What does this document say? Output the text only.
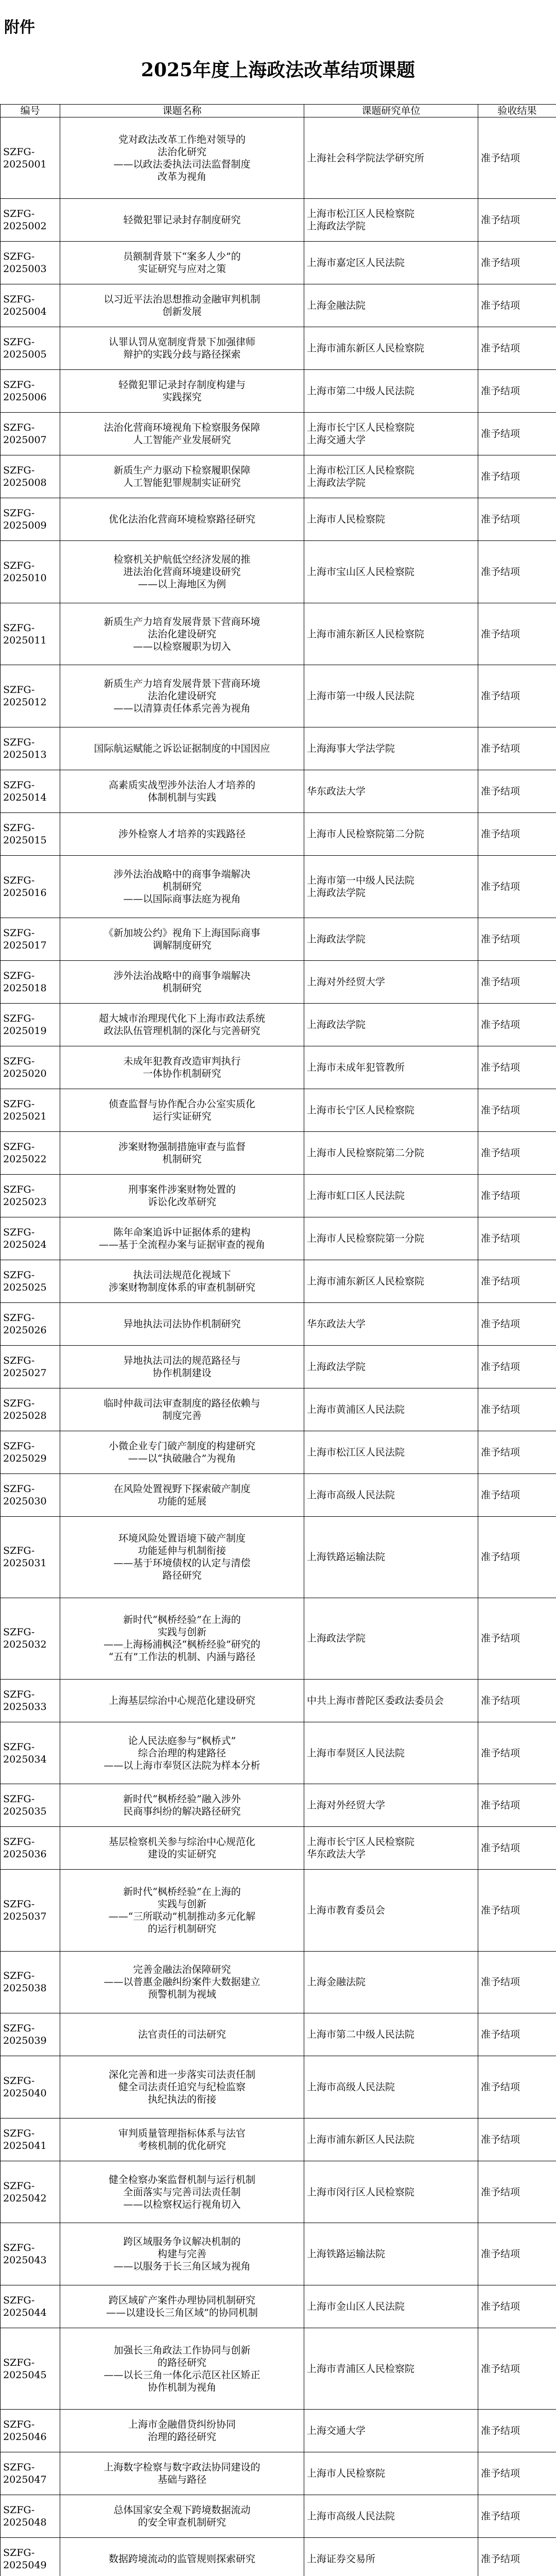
附件
2025年度上海政法改革结项课题
编号	课题名称	课题研究单位	验收结果
SZFG-
2025001	党对政法改革工作绝对领导的
法治化研究
——以政法委执法司法监督制度
改革为视角	上海社会科学院法学研究所	准予结项
SZFG-
2025002	轻微犯罪记录封存制度研究	上海市松江区人民检察院
上海政法学院	准予结项
SZFG-
2025003	员额制背景下“案多人少”的
实证研究与应对之策	上海市嘉定区人民法院	准予结项
SZFG-
2025004	以习近平法治思想推动金融审判机制
创新发展	上海金融法院	准予结项
SZFG-
2025005	认罪认罚从宽制度背景下加强律师
辩护的实践分歧与路径探索	上海市浦东新区人民检察院	准予结项
SZFG-
2025006	轻微犯罪记录封存制度构建与
实践探究	上海市第二中级人民法院	准予结项
SZFG-
2025007	法治化营商环境视角下检察服务保障
人工智能产业发展研究	上海市长宁区人民检察院
上海交通大学	准予结项
SZFG-
2025008	新质生产力驱动下检察履职保障
人工智能犯罪规制实证研究	上海市松江区人民检察院
上海政法学院	准予结项
SZFG-
2025009	优化法治化营商环境检察路径研究	上海市人民检察院	准予结项
SZFG-
2025010	检察机关护航低空经济发展的推
进法治化营商环境建设研究
——以上海地区为例	上海市宝山区人民检察院	准予结项
SZFG-
2025011	新质生产力培育发展背景下营商环境
法治化建设研究
——以检察履职为切入	上海市浦东新区人民检察院	准予结项
SZFG-
2025012	新质生产力培育发展背景下营商环境
法治化建设研究
——以清算责任体系完善为视角	上海市第一中级人民法院	准予结项
SZFG-
2025013	国际航运赋能之诉讼证据制度的中国因应	上海海事大学法学院	准予结项
SZFG-
2025014	高素质实战型涉外法治人才培养的
体制机制与实践	华东政法大学	准予结项
SZFG-
2025015	涉外检察人才培养的实践路径	上海市人民检察院第二分院	准予结项
SZFG-
2025016	涉外法治战略中的商事争端解决
机制研究
——以国际商事法庭为视角	上海市第一中级人民法院
上海政法学院	准予结项
SZFG-
2025017	《新加坡公约》视角下上海国际商事
调解制度研究	上海政法学院	准予结项
SZFG-
2025018	涉外法治战略中的商事争端解决
机制研究	上海对外经贸大学	准予结项
SZFG-
2025019	超大城市治理现代化下上海市政法系统
政法队伍管理机制的深化与完善研究	上海政法学院	准予结项
SZFG-
2025020	未成年犯教育改造审判执行
一体协作机制研究	上海市未成年犯管教所	准予结项
SZFG-
2025021	侦查监督与协作配合办公室实质化
运行实证研究	上海市长宁区人民检察院	准予结项
SZFG-
2025022	涉案财物强制措施审查与监督
机制研究	上海市人民检察院第二分院	准予结项
SZFG-
2025023	刑事案件涉案财物处置的
诉讼化改革研究	上海市虹口区人民法院	准予结项
SZFG-
2025024	陈年命案追诉中证据体系的建构
——基于全流程办案与证据审查的视角	上海市人民检察院第一分院	准予结项
SZFG-
2025025	执法司法规范化视域下
涉案财物制度体系的审查机制研究	上海市浦东新区人民检察院	准予结项
SZFG-
2025026	异地执法司法协作机制研究	华东政法大学	准予结项
SZFG-
2025027	异地执法司法的规范路径与
协作机制建设	上海政法学院	准予结项
SZFG-
2025028	临时仲裁司法审查制度的路径依赖与
制度完善	上海市黄浦区人民法院	准予结项
SZFG-
2025029	小微企业专门破产制度的构建研究
——以“执破融合”为视角	上海市松江区人民法院	准予结项
SZFG-
2025030	在风险处置视野下探索破产制度
功能的延展	上海市高级人民法院	准予结项
SZFG-
2025031	环境风险处置语境下破产制度
功能延伸与机制衔接
——基于环境债权的认定与清偿
路径研究	上海铁路运输法院	准予结项
SZFG-
2025032	新时代“枫桥经验”在上海的
实践与创新
——上海杨浦枫泾“枫桥经验”研究的
“五有”工作法的机制、内涵与路径	上海政法学院	准予结项
SZFG-
2025033	上海基层综治中心规范化建设研究	中共上海市普陀区委政法委员会	准予结项
SZFG-
2025034	论人民法庭参与“枫桥式”
综合治理的构建路径
——以上海市奉贤区法院为样本分析	上海市奉贤区人民法院	准予结项
SZFG-
2025035	新时代“枫桥经验”融入涉外
民商事纠纷的解决路径研究	上海对外经贸大学	准予结项
SZFG-
2025036	基层检察机关参与综治中心规范化
建设的实证研究	上海市长宁区人民检察院
华东政法大学	准予结项
SZFG-
2025037	新时代“枫桥经验”在上海的
实践与创新
——“三所联动”机制推动多元化解
的运行机制研究	上海市教育委员会	准予结项
SZFG-
2025038	完善金融法治保障研究
——以普惠金融纠纷案件大数据建立
预警机制为视域	上海金融法院	准予结项
SZFG-
2025039	法官责任的司法研究	上海市第二中级人民法院	准予结项
SZFG-
2025040	深化完善和进一步落实司法责任制
健全司法责任追究与纪检监察
执纪执法的衔接	上海市高级人民法院	准予结项
SZFG-
2025041	审判质量管理指标体系与法官
考核机制的优化研究	上海市浦东新区人民法院	准予结项
SZFG-
2025042	健全检察办案监督机制与运行机制
全面落实与完善司法责任制
——以检察权运行视角切入	上海市闵行区人民检察院	准予结项
SZFG-
2025043	跨区域服务争议解决机制的
构建与完善
——以服务于长三角区域为视角	上海铁路运输法院	准予结项
SZFG-
2025044	跨区域矿产案件办理协同机制研究
——以建设长三角区域”的协同机制	上海市金山区人民法院	准予结项
SZFG-
2025045	加强长三角政法工作协同与创新
的路径研究
——以长三角一体化示范区社区矫正
协作机制为视角	上海市青浦区人民检察院	准予结项
SZFG-
2025046	上海市金融借贷纠纷协同
治理的路径研究	上海交通大学	准予结项
SZFG-
2025047	上海数字检察与数字政法协同建设的
基础与路径	上海市人民检察院	准予结项
SZFG-
2025048	总体国家安全观下跨境数据流动
的安全审查机制研究	上海市高级人民法院	准予结项
SZFG-
2025049	数据跨境流动的监管规则探索研究	上海证券交易所	准予结项
